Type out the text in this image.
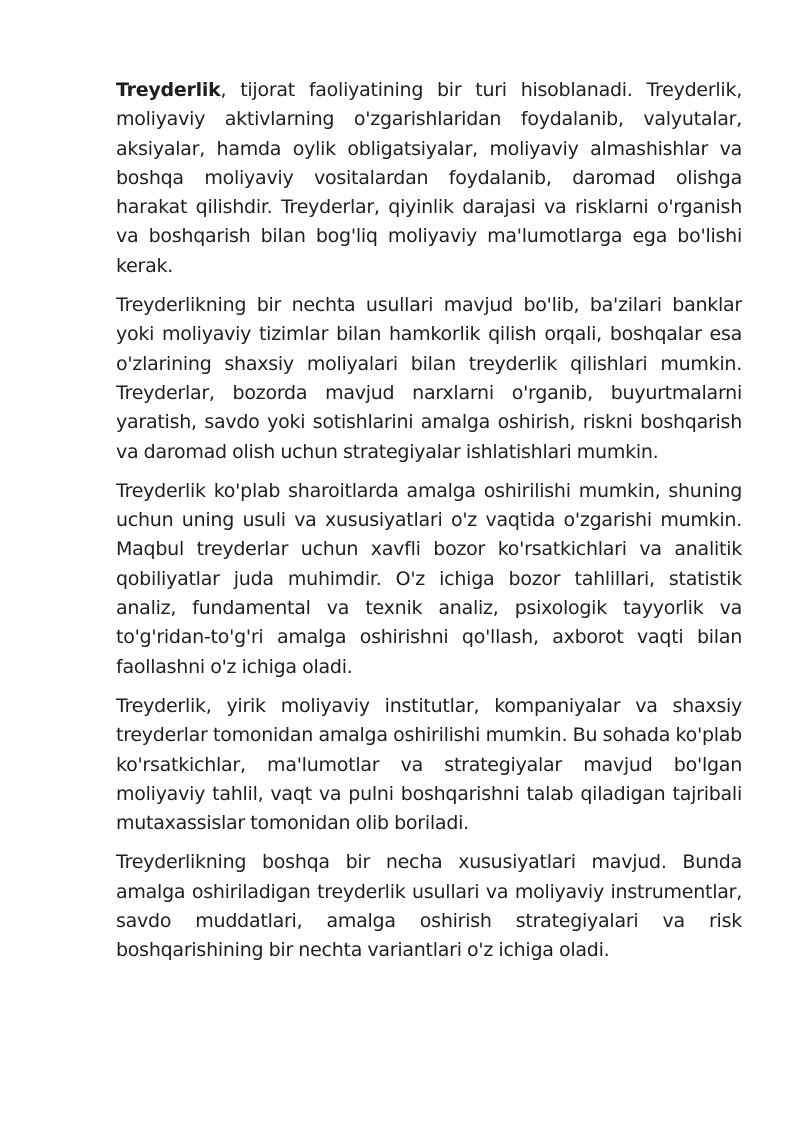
Treyderlik, tijorat faoliyatining bir turi hisoblanadi. Treyderlik, moliyaviy aktivlarning o'zgarishlaridan foydalanib, valyutalar, aksiyalar, hamda oylik obligatsiyalar, moliyaviy almashishlar va boshqa moliyaviy vositalardan foydalanib, daromad olishga harakat qilishdir. Treyderlar, qiyinlik darajasi va risklarni o'rganish va boshqarish bilan bog'liq moliyaviy ma'lumotlarga ega bo'lishi kerak.

Treyderlikning bir nechta usullari mavjud bo'lib, ba'zilari banklar yoki moliyaviy tizimlar bilan hamkorlik qilish orqali, boshqalar esa o'zlarining shaxsiy moliyalari bilan treyderlik qilishlari mumkin. Treyderlar, bozorda mavjud narxlarni o'rganib, buyurtmalarni yaratish, savdo yoki sotishlarini amalga oshirish, riskni boshqarish va daromad olish uchun strategiyalar ishlatishlari mumkin.

Treyderlik ko'plab sharoitlarda amalga oshirilishi mumkin, shuning uchun uning usuli va xususiyatlari o'z vaqtida o'zgarishi mumkin. Maqbul treyderlar uchun xavfli bozor ko'rsatkichlari va analitik qobiliyatlar juda muhimdir. O'z ichiga bozor tahlillari, statistik analiz, fundamental va texnik analiz, psixologik tayyorlik va to'g'ridan-to'g'ri amalga oshirishni qo'llash, axborot vaqti bilan faollashni o'z ichiga oladi.

Treyderlik, yirik moliyaviy institutlar, kompaniyalar va shaxsiy treyderlar tomonidan amalga oshirilishi mumkin. Bu sohada ko'plab ko'rsatkichlar, ma'lumotlar va strategiyalar mavjud bo'lgan moliyaviy tahlil, vaqt va pulni boshqarishni talab qiladigan tajribali mutaxassislar tomonidan olib boriladi.

Treyderlikning boshqa bir necha xususiyatlari mavjud. Bunda amalga oshiriladigan treyderlik usullari va moliyaviy instrumentlar, savdo muddatlari, amalga oshirish strategiyalari va risk boshqarishining bir nechta variantlari o'z ichiga oladi.
